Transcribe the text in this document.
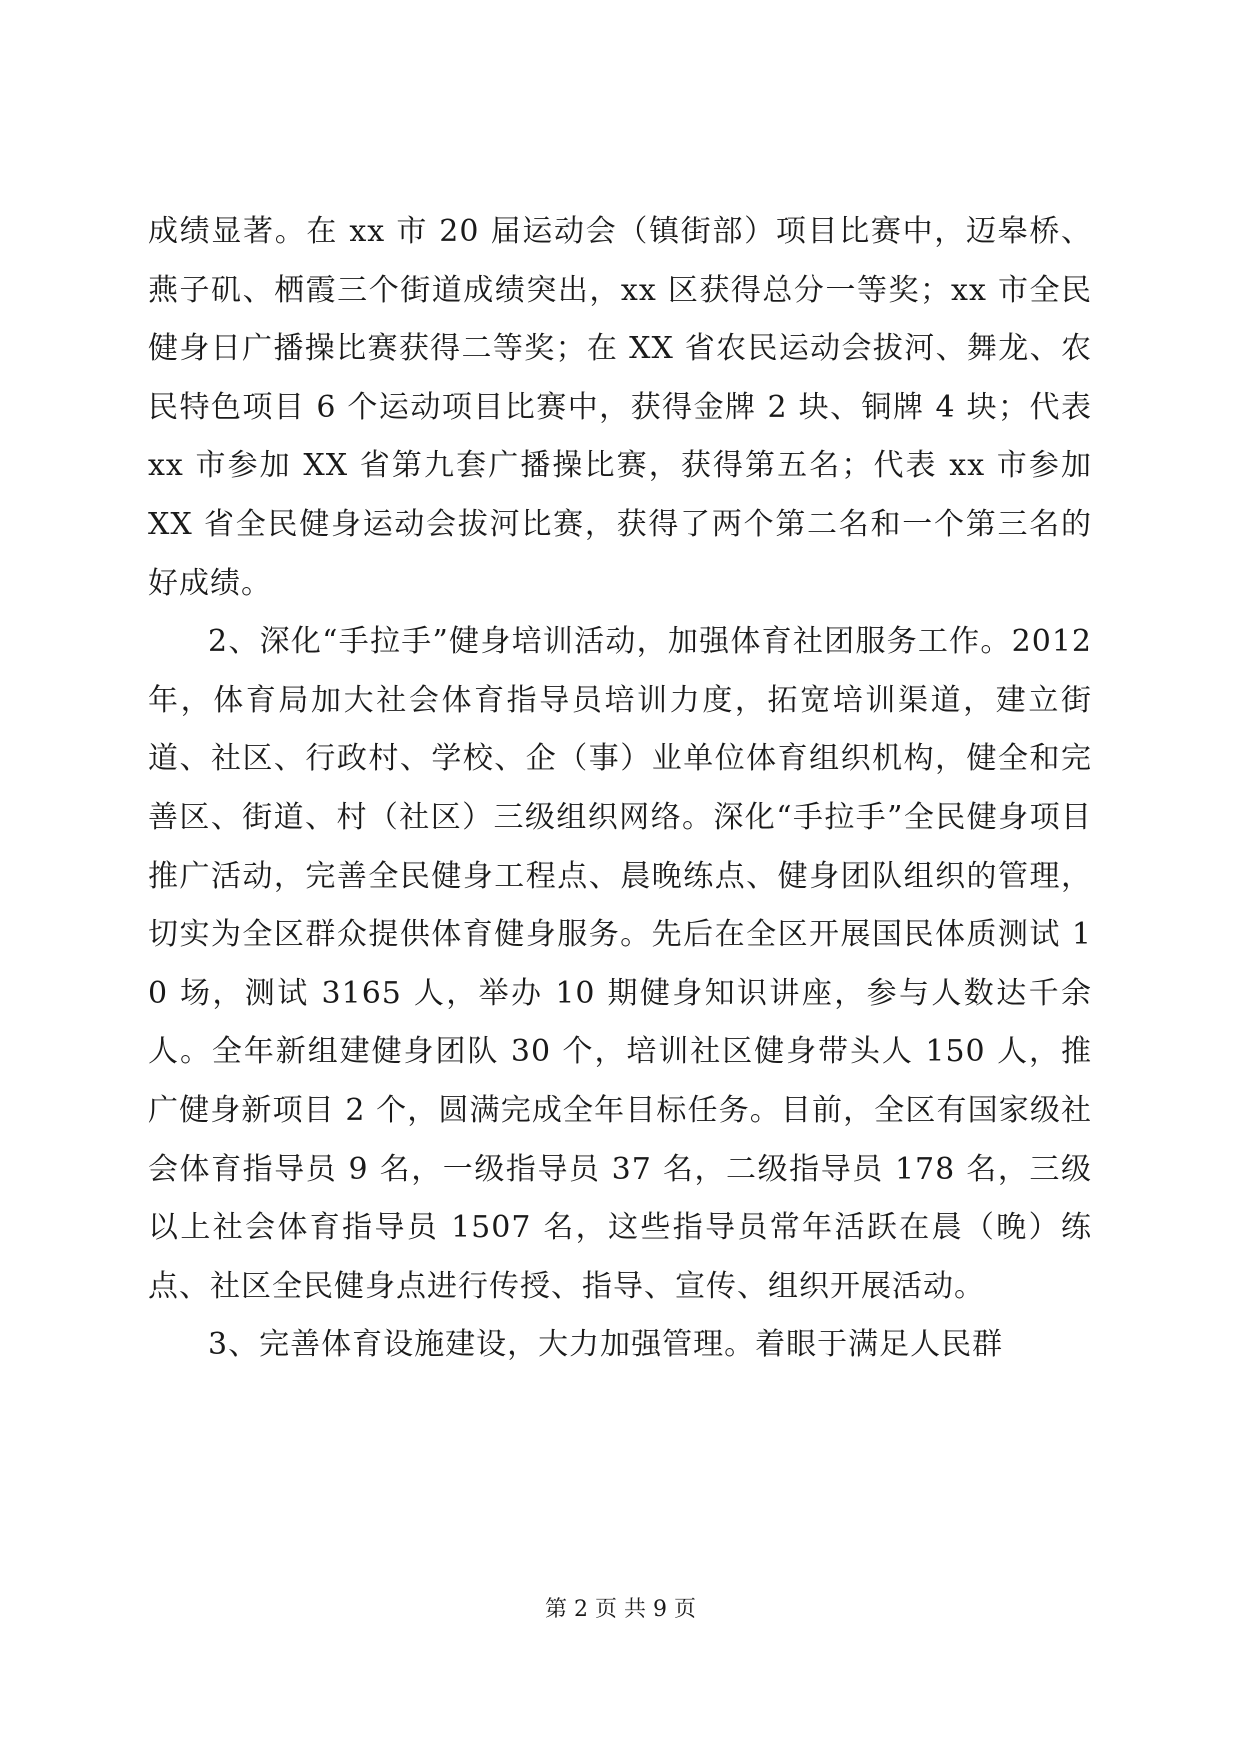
成绩显著。在 xx 市 20 届运动会（镇街部）项目比赛中，迈皋桥、燕子矶、栖霞三个街道成绩突出，xx 区获得总分一等奖；xx 市全民健身日广播操比赛获得二等奖；在 XX 省农民运动会拔河、舞龙、农民特色项目 6 个运动项目比赛中，获得金牌 2 块、铜牌 4 块；代表 xx 市参加 XX 省第九套广播操比赛，获得第五名；代表 xx 市参加 XX 省全民健身运动会拔河比赛，获得了两个第二名和一个第三名的好成绩。

2、深化“手拉手”健身培训活动，加强体育社团服务工作。2012 年，体育局加大社会体育指导员培训力度，拓宽培训渠道，建立街道、社区、行政村、学校、企（事）业单位体育组织机构，健全和完善区、街道、村（社区）三级组织网络。深化“手拉手”全民健身项目推广活动，完善全民健身工程点、晨晚练点、健身团队组织的管理，切实为全区群众提供体育健身服务。先后在全区开展国民体质测试 10 场，测试 3165 人，举办 10 期健身知识讲座，参与人数达千余人。全年新组建健身团队 30 个，培训社区健身带头人 150 人，推广健身新项目 2 个，圆满完成全年目标任务。目前，全区有国家级社会体育指导员 9 名，一级指导员 37 名，二级指导员 178 名，三级以上社会体育指导员 1507 名，这些指导员常年活跃在晨（晚）练点、社区全民健身点进行传授、指导、宣传、组织开展活动。

3、完善体育设施建设，大力加强管理。着眼于满足人民群

第 2 页 共 9 页
